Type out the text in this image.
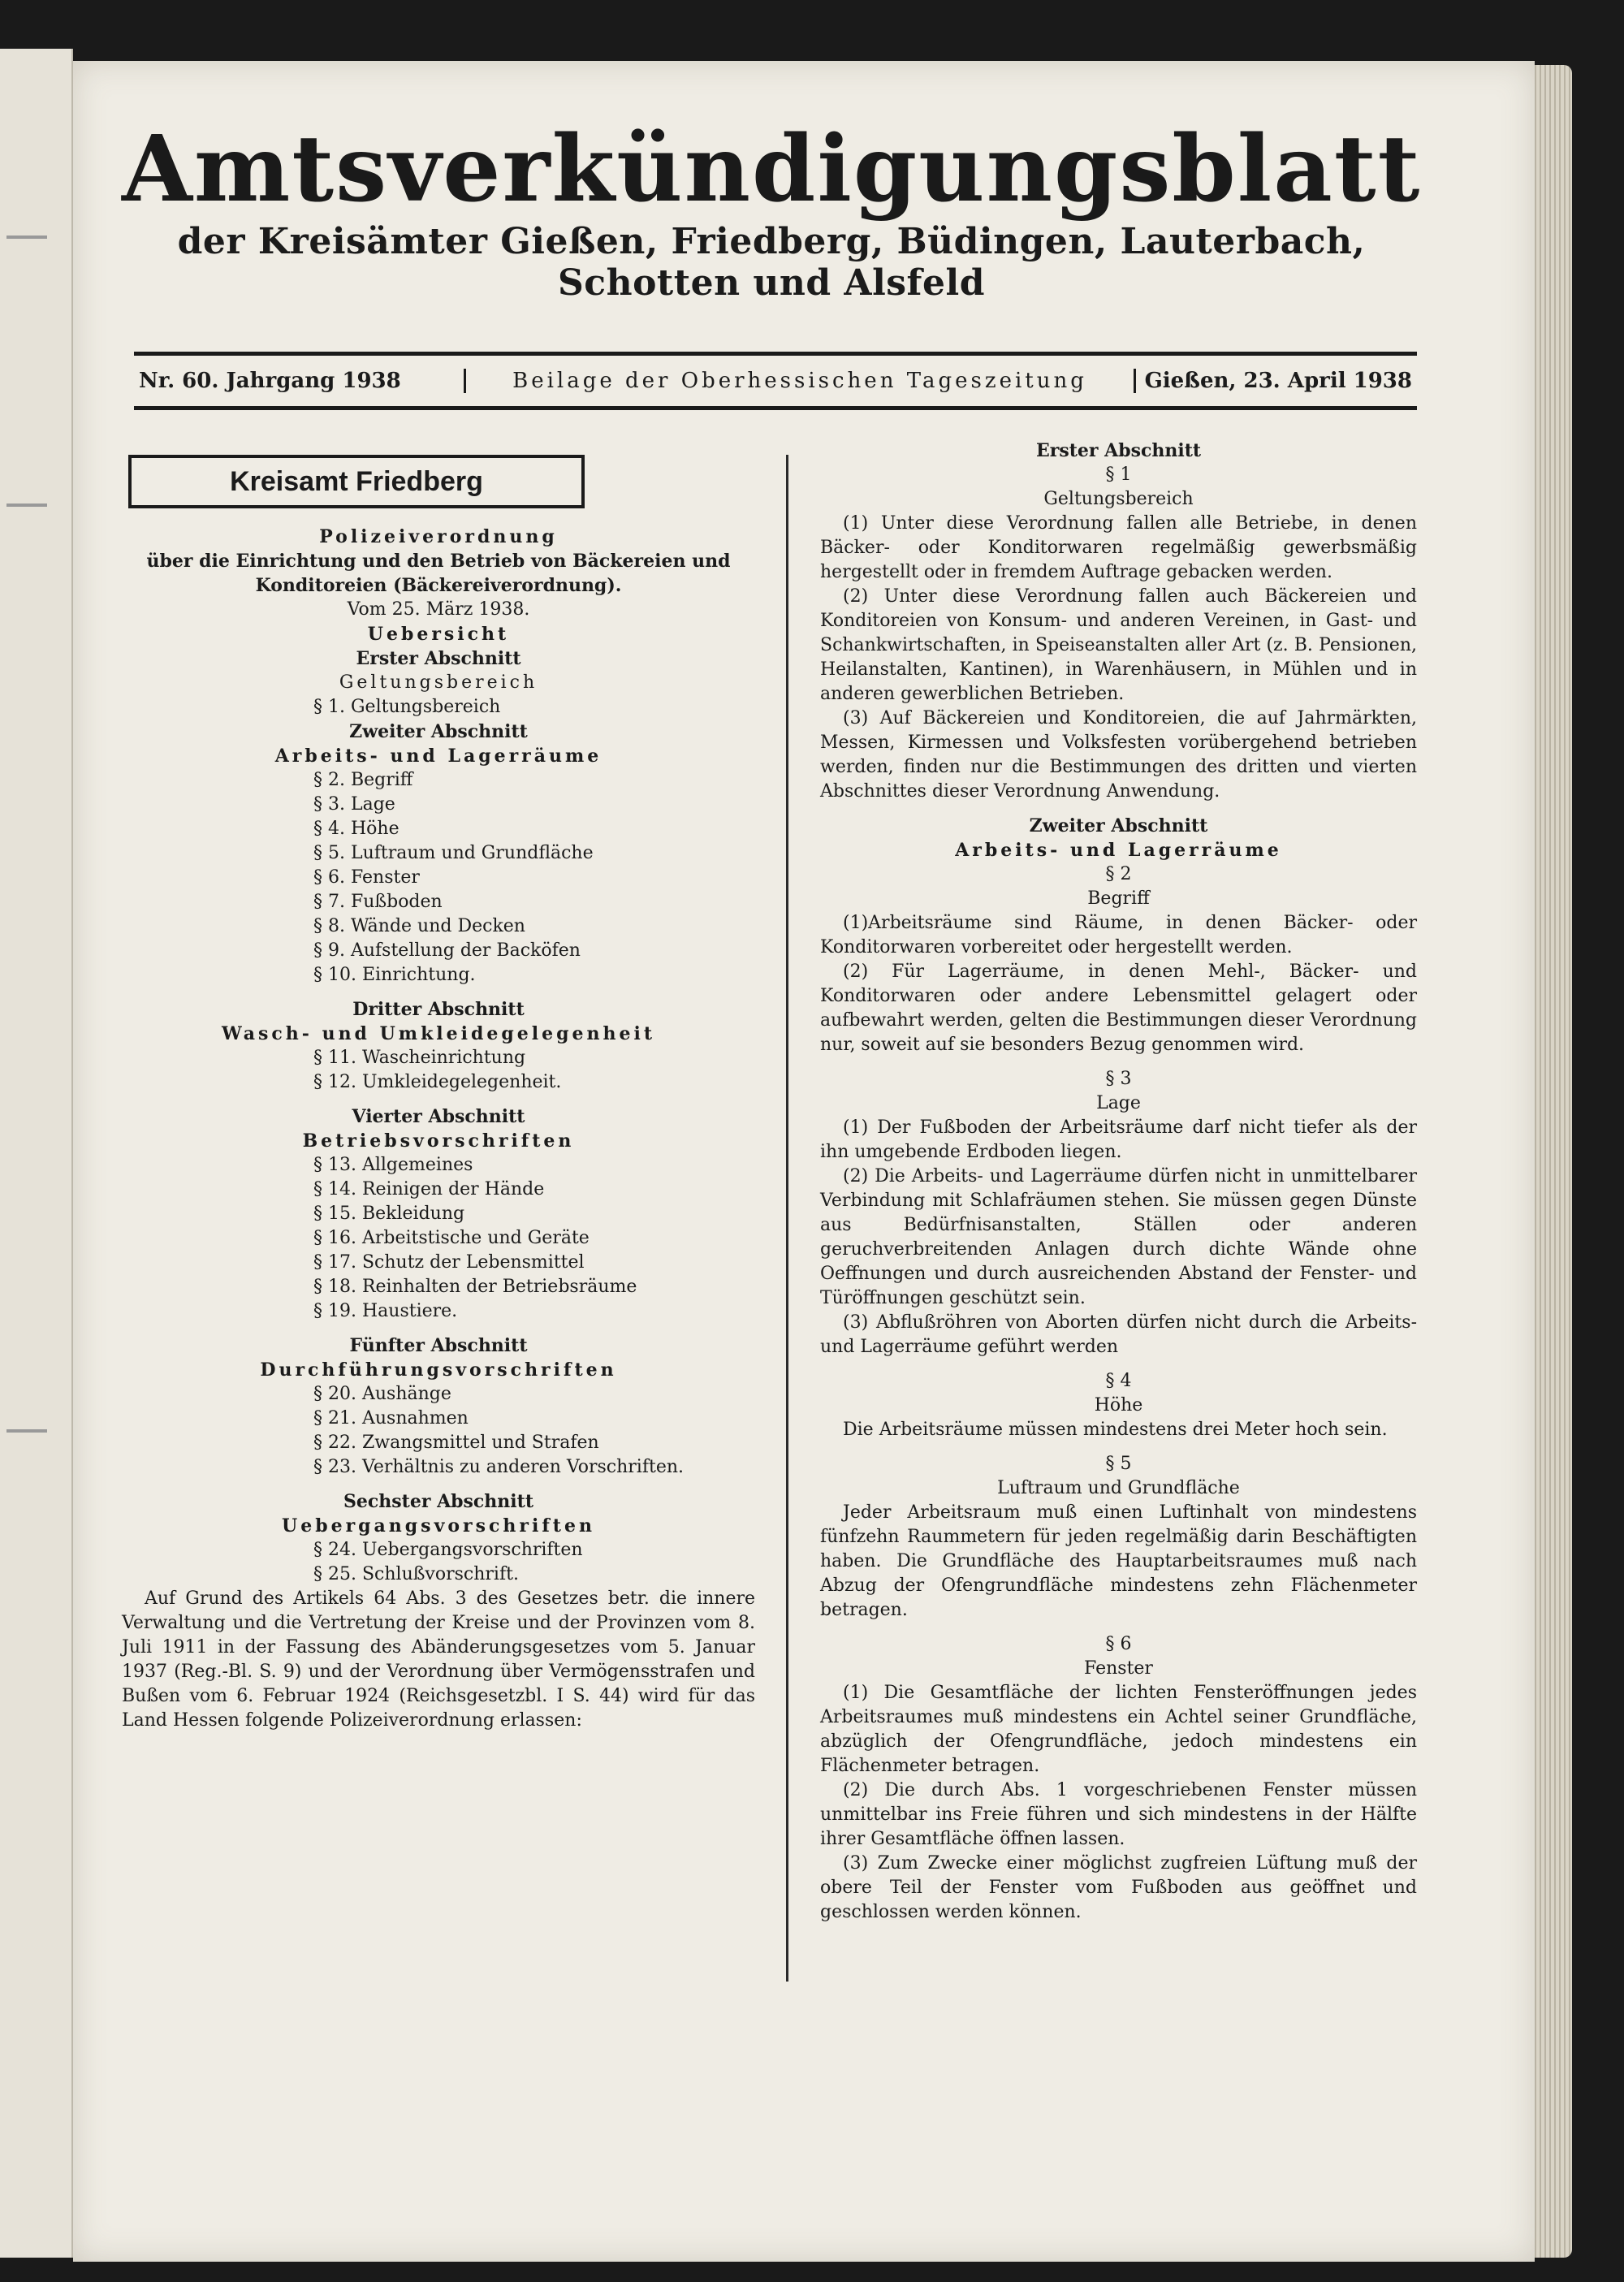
Amtsverkündigungsblatt
der Kreisämter Gießen, Friedberg, Büdingen, Lauterbach, Schotten und Alsfeld
Nr. 60. Jahrgang 1938	Beilage der Oberhessischen Tageszeitung	Gießen, 23. April 1938
Kreisamt Friedberg
Polizeiverordnung
über die Einrichtung und den Betrieb von Bäckereien und
Konditoreien (Bäckereiverordnung).
Vom 25. März 1938.
Uebersicht
Erster Abschnitt
Geltungsbereich
§ 1. Geltungsbereich
Zweiter Abschnitt
Arbeits- und Lagerräume
§ 2. Begriff
§ 3. Lage
§ 4. Höhe
§ 5. Luftraum und Grundfläche
§ 6. Fenster
§ 7. Fußboden
§ 8. Wände und Decken
§ 9. Aufstellung der Backöfen
§ 10. Einrichtung.
Dritter Abschnitt
Wasch- und Umkleidegelegenheit
§ 11. Wascheinrichtung
§ 12. Umkleidegelegenheit.
Vierter Abschnitt
Betriebsvorschriften
§ 13. Allgemeines
§ 14. Reinigen der Hände
§ 15. Bekleidung
§ 16. Arbeitstische und Geräte
§ 17. Schutz der Lebensmittel
§ 18. Reinhalten der Betriebsräume
§ 19. Haustiere.
Fünfter Abschnitt
Durchführungsvorschriften
§ 20. Aushänge
§ 21. Ausnahmen
§ 22. Zwangsmittel und Strafen
§ 23. Verhältnis zu anderen Vorschriften.
Sechster Abschnitt
Uebergangsvorschriften
§ 24. Uebergangsvorschriften
§ 25. Schlußvorschrift.

Auf Grund des Artikels 64 Abs. 3 des Gesetzes betr. die innere Verwaltung und die Vertretung der Kreise und der Provinzen vom 8. Juli 1911 in der Fassung des Abänderungsgesetzes vom 5. Januar 1937 (Reg.-Bl. S. 9) und der Verordnung über Vermögensstrafen und Bußen vom 6. Februar 1924 (Reichsgesetzbl. I S. 44) wird für das Land Hessen folgende Polizeiverordnung erlassen:

Erster Abschnitt
§ 1
Geltungsbereich

(1) Unter diese Verordnung fallen alle Betriebe, in denen Bäcker- oder Konditorwaren regelmäßig gewerbsmäßig hergestellt oder in fremdem Auftrage gebacken werden.

(2) Unter diese Verordnung fallen auch Bäckereien und Konditoreien von Konsum- und anderen Vereinen, in Gast- und Schankwirtschaften, in Speiseanstalten aller Art (z. B. Pensionen, Heilanstalten, Kantinen), in Warenhäusern, in Mühlen und in anderen gewerblichen Betrieben.

(3) Auf Bäckereien und Konditoreien, die auf Jahrmärkten, Messen, Kirmessen und Volksfesten vorübergehend betrieben werden, finden nur die Bestimmungen des dritten und vierten Abschnittes dieser Verordnung Anwendung.

Zweiter Abschnitt
Arbeits- und Lagerräume
§ 2
Begriff

(1)Arbeitsräume sind Räume, in denen Bäcker- oder Konditorwaren vorbereitet oder hergestellt werden.

(2) Für Lagerräume, in denen Mehl-, Bäcker- und Konditorwaren oder andere Lebensmittel gelagert oder aufbewahrt werden, gelten die Bestimmungen dieser Verordnung nur, soweit auf sie besonders Bezug genommen wird.

§ 3
Lage

(1) Der Fußboden der Arbeitsräume darf nicht tiefer als der ihn umgebende Erdboden liegen.

(2) Die Arbeits- und Lagerräume dürfen nicht in unmittelbarer Verbindung mit Schlafräumen stehen. Sie müssen gegen Dünste aus Bedürfnisanstalten, Ställen oder anderen geruchverbreitenden Anlagen durch dichte Wände ohne Oeffnungen und durch ausreichenden Abstand der Fenster- und Türöffnungen geschützt sein.

(3) Abflußröhren von Aborten dürfen nicht durch die Arbeits- und Lagerräume geführt werden

§ 4
Höhe

Die Arbeitsräume müssen mindestens drei Meter hoch sein.

§ 5
Luftraum und Grundfläche

Jeder Arbeitsraum muß einen Luftinhalt von mindestens fünfzehn Raummetern für jeden regelmäßig darin Beschäftigten haben. Die Grundfläche des Hauptarbeitsraumes muß nach Abzug der Ofengrundfläche mindestens zehn Flächenmeter betragen.

§ 6
Fenster

(1) Die Gesamtfläche der lichten Fensteröffnungen jedes Arbeitsraumes muß mindestens ein Achtel seiner Grundfläche, abzüglich der Ofengrundfläche, jedoch mindestens ein Flächenmeter betragen.

(2) Die durch Abs. 1 vorgeschriebenen Fenster müssen unmittelbar ins Freie führen und sich mindestens in der Hälfte ihrer Gesamtfläche öffnen lassen.

(3) Zum Zwecke einer möglichst zugfreien Lüftung muß der obere Teil der Fenster vom Fußboden aus geöffnet und geschlossen werden können.
